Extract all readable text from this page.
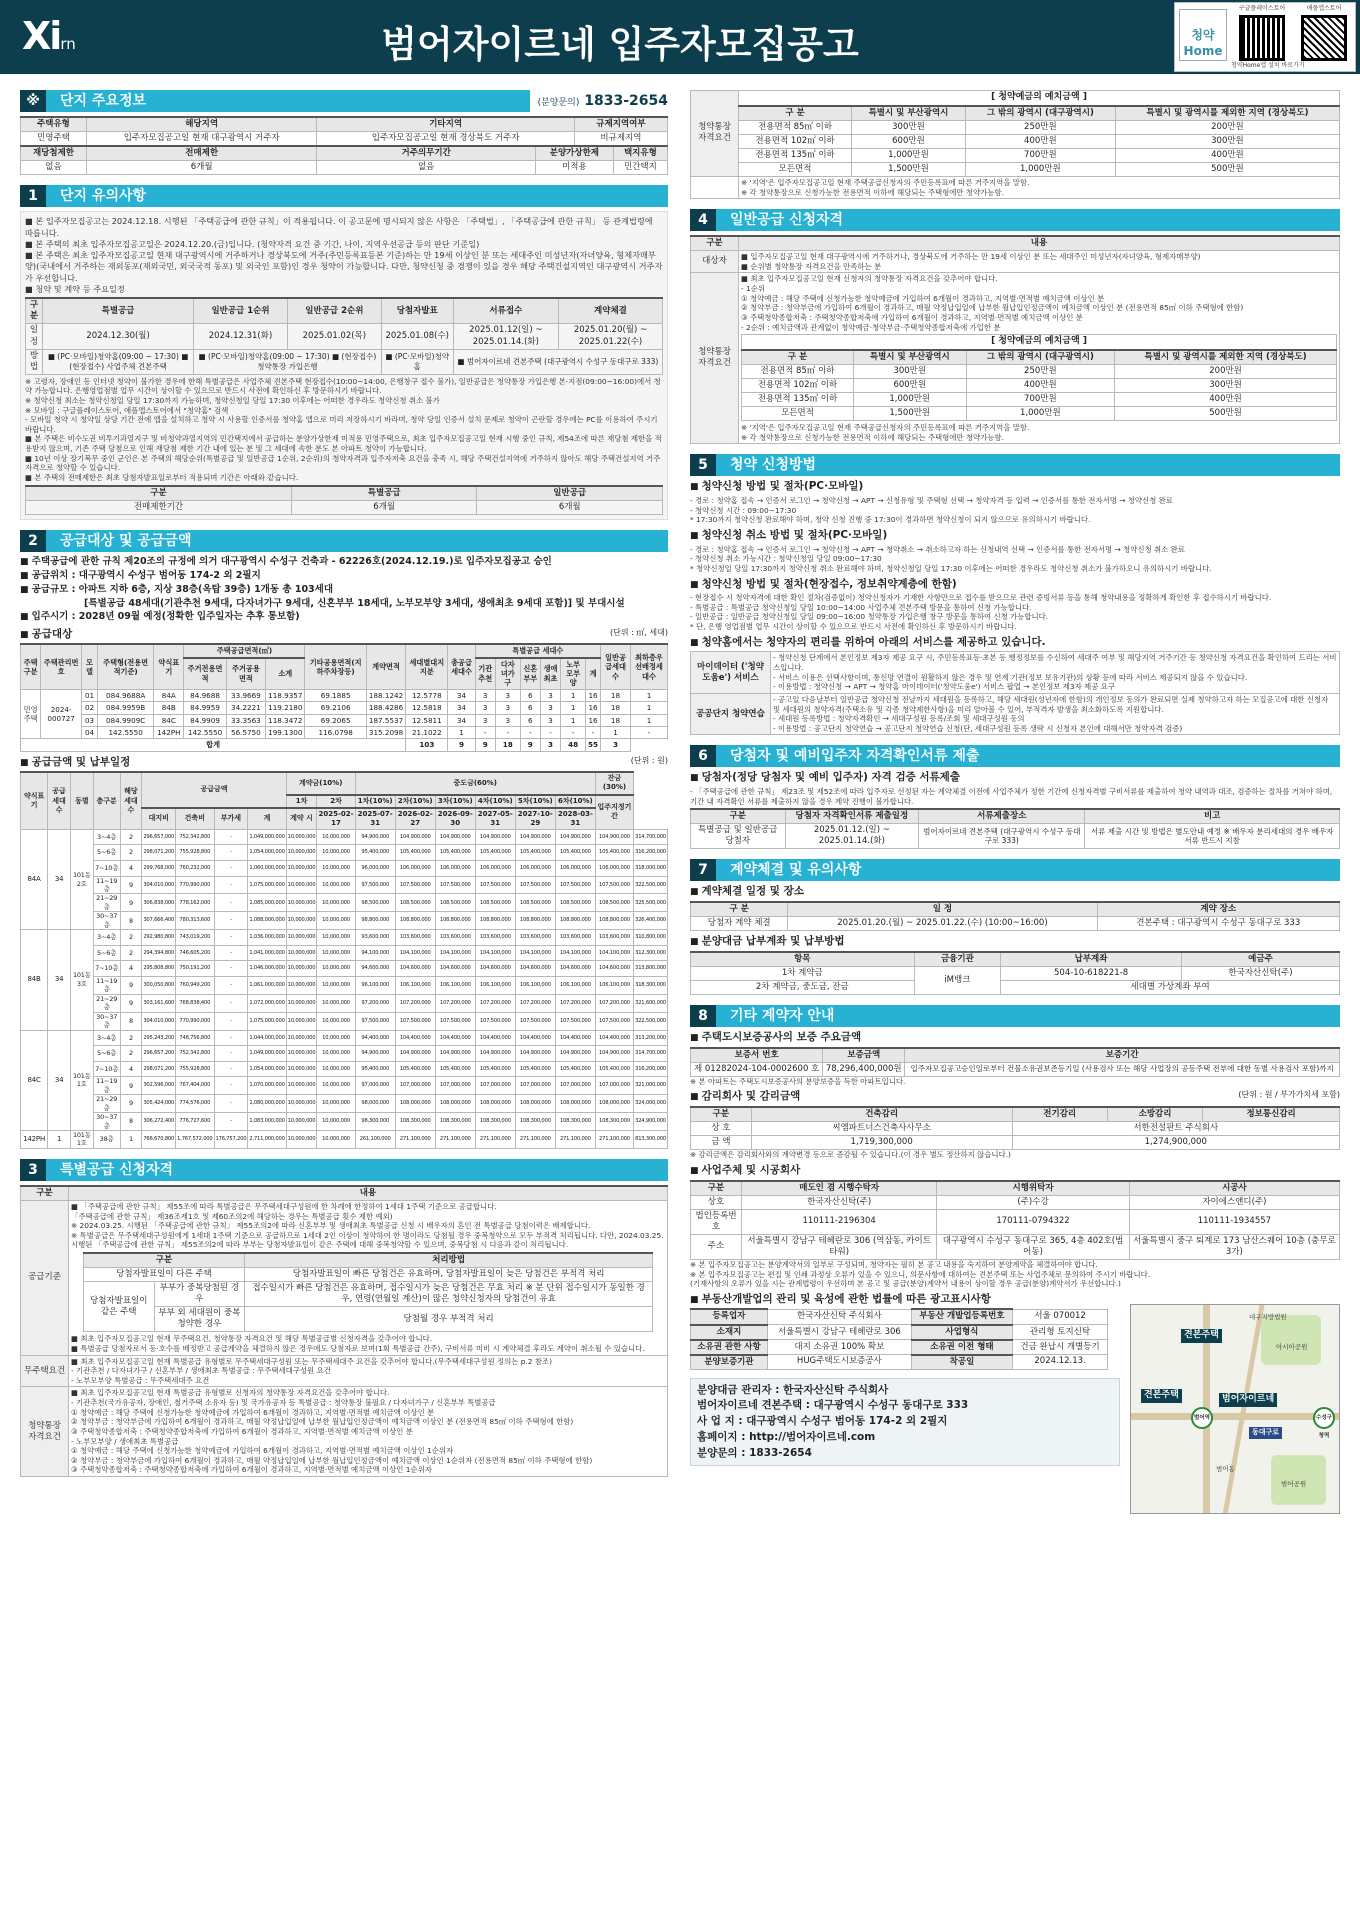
Xirn	범어자이르네 입주자모집공고	청약Home
구글플레이스토어	애플앱스토어
청약Home앱 설치 바로가기
※	단지 주요정보	(분양문의) 1833-2654
주택유형	해당지역	기타지역		규제지역여부	
민영주택	입주자모집공고일 현재 대구광역시 거주자	입주자모집공고일 현재 경상북도 거주자		비규제지역	
재당첨제한	전매제한	거주의무기간	분양가상한제		택지유형
없음	6개월	없음	미적용		민간택지
1	단지 유의사항
■ 본 입주자모집공고는 2024.12.18. 시행된 「주택공급에 관한 규칙」이 적용됩니다. 이 공고문에 명시되지 않은 사항은 「주택법」, 「주택공급에 관한 규칙」 등 관계법령에 따릅니다.
■ 본 주택의 최초 입주자모집공고일은 2024.12.20.(금)입니다. (청약자격 요건 중 기간, 나이, 지역우선공급 등의 판단 기준일)
■ 본 주택은 최초 입주자모집공고일 현재 대구광역시에 거주하거나 경상북도에 거주(주민등록표등본 기준)하는 만 19세 이상인 분 또는 세대주인 미성년자(자녀양육, 형제자매부양)(국내에서 거주하는 재외동포(재외국민, 외국국적 동포) 및 외국인 포함)인 경우 청약이 가능합니다. 다만, 청약신청 중 경쟁이 있을 경우 해당 주택건설지역인 대구광역시 거주자가 우선합니다.
■ 청약 및 계약 등 주요일정
구분	특별공급	일반공급 1순위	일반공급 2순위	당첨자발표	서류접수	계약체결
일정	2024.12.30(월)	2024.12.31(화)	2025.01.02(목)	2025.01.08(수)	2025.01.12(일) ~ 2025.01.14.(화)	2025.01.20(월) ~ 2025.01.22(수)
방법	■ (PC·모바일)청약홈(09:00 ~ 17:30) ■ (현장접수) 사업주체 견본주택	■ (PC·모바일)청약홈(09:00 ~ 17:30) ■ (현장접수) 청약통장 가입은행		■ (PC·모바일)청약홈	■ 범어자이르네 견본주택 (대구광역시 수성구 동대구로 333)	
※ 고령자, 장애인 등 인터넷 청약이 불가한 경우에 한해 특별공급은 사업주체 견본주택 현장접수(10:00~14:00, 은행창구 접수 불가), 일반공급은 청약통장 가입은행 본·지점(09:00~16:00)에서 청약 가능합니다. 은행영업점별 업무 시간이 상이할 수 있으므로 반드시 사전에 확인하신 후 방문하시기 바랍니다.
※ 청약신청 최소는 청약신청일 당일 17:30까지 가능하며, 청약신청일 당일 17:30 이후에는 어떠한 경우라도 청약신청 취소 불가
※ 모바일 : 구글플레이스토어, 애플앱스토어에서 "청약홈" 검색
- 모바일 청약 시 청약일 상당 기간 전에 앱을 설치하고 청약 시 사용할 인증서를 청약홈 앱으로 미리 저장하시기 바라며, 청약 당일 인증서 설치 문제로 청약이 곤란할 경우에는 PC를 이용하여 주시기 바랍니다.
■ 본 주택은 비수도권 비투기과열지구 및 비청약과열지역의 민간택지에서 공급하는 분양가상한제 미적용 민영주택으로, 최초 입주자모집공고일 현재 시행 중인 규칙, 제54조에 따른 재당첨 제한을 적용받지 않으며, 기존 주택 당첨으로 인해 재당첨 제한 기간 내에 있는 분 및 그 세대에 속한 분도 본 아파트 청약이 가능합니다.
■ 10년 이상 장기복무 중인 군인은 본 주택의 해당순위(특별공급 및 일반공급 1순위, 2순위)의 청약자격과 입주자저축 요건을 충족 시, 해당 주택건설지역에 거주하지 않아도 해당 주택건설지역 거주자격으로 청약할 수 있습니다.
■ 본 주택의 전매제한은 최초 당첨자발표일로부터 적용되며 기간은 아래와 같습니다.
구분	특별공급	일반공급
전매제한기간	6개월	6개월
2	공급대상 및 공급금액
■ 주택공급에 관한 규칙 제20조의 규정에 의거 대구광역시 수성구 건축과 - 62226호(2024.12.19.)로 입주자모집공고 승인
■ 공급위치 : 대구광역시 수성구 범어동 174-2 외 2필지
■ 공급규모 : 아파트 지하 6층, 지상 38층(옥탑 39층) 1개동 총 103세대
[특별공급 48세대(기관추천 9세대, 다자녀가구 9세대, 신혼부부 18세대, 노부모부양 3세대, 생애최초 9세대 포함)] 및 부대시설
■ 입주시기 : 2028년 09월 예정(정확한 입주일자는 추후 통보함)
■ 공급대상	(단위 : ㎡, 세대)
주택구분	주택관리번호	모델	주택형(전용면적기준)	약식표기	주택공급면적(㎡)			기타공용면적(지하주차장등)	계약면적	세대별대지지분	총공급세대수	특별공급 세대수						일반공급세대수	최하층우선배정세대수
					주거전용면적	주거공용면적	소계					기관추천	다자녀가구	신혼부부	생애최초	노부모부양	계		
민영주택	2024-000727	01	084.9688A	84A	84.9688	33.9669	118.9357	69.1885	188.1242	12.5778	34	3	3	6	3	1	16	18	1
		02	084.9959B	84B	84.9959	34.2221	119.2180	69.2106	188.4286	12.5818	34	3	3	6	3	1	16	18	1
		03	084.9909C	84C	84.9909	33.3563	118.3472	69.2065	187.5537	12.5811	34	3	3	6	3	1	16	18	1
		04	142.5550	142PH	142.5550	56.5750	199.1300	116.0798	315.2098	21.1022	1	-	-	-	-	-	-	1	-
합계										103	9	9	18	9	3	48	55	3	
■ 공급금액 및 납부일정	(단위 : 원)
약식표기	공급세대수	동별	층구분	해당세대수	공급금액				계약금(10%)		중도금(60%)						잔금(30%)	
									1차	2차	1차(10%)	2차(10%)	3차(10%)	4차(10%)	5차(10%)	6차(10%)	입주지정기간	
					대지비	건축비	부가세	계	계약 시	2025-02-17	2025-07-31	2026-02-27	2026-09-30	2027-05-31	2027-10-29	2028-03-31		
84A	34	101동 2호	3~4층	2	296,657,000	752,342,800	-	1,049,000,000	10,000,000	10,000,000	94,900,000	104,900,000	104,900,000	104,900,000	104,900,000	104,900,000	104,900,000	314,700,000
			5~6층	2	298,071,200	755,928,800	-	1,054,000,000	10,000,000	10,000,000	95,400,000	105,400,000	105,400,000	105,400,000	105,400,000	105,400,000	105,400,000	316,200,000
			7~10층	4	299,768,000	760,232,000	-	1,060,000,000	10,000,000	10,000,000	96,000,000	106,000,000	106,000,000	106,000,000	106,000,000	106,000,000	106,000,000	318,000,000
			11~19층	9	304,010,000	770,990,000	-	1,075,000,000	10,000,000	10,000,000	97,500,000	107,500,000	107,500,000	107,500,000	107,500,000	107,500,000	107,500,000	322,500,000
			21~29층	9	306,838,000	778,162,000	-	1,085,000,000	10,000,000	10,000,000	98,500,000	108,500,000	108,500,000	108,500,000	108,500,000	108,500,000	108,500,000	325,500,000
			30~37층	8	307,666,400	780,313,600	-	1,088,000,000	10,000,000	10,000,000	98,800,000	108,800,000	108,800,000	108,800,000	108,800,000	108,800,000	108,800,000	326,400,000
84B	34	101동 3호	3~4층	2	292,980,800	743,019,200	-	1,036,000,000	10,000,000	10,000,000	93,600,000	103,600,000	103,600,000	103,600,000	103,600,000	103,600,000	103,600,000	310,800,000
			5~6층	2	294,394,800	746,605,200	-	1,041,000,000	10,000,000	10,000,000	94,100,000	104,100,000	104,100,000	104,100,000	104,100,000	104,100,000	104,100,000	312,300,000
			7~10층	4	295,808,800	750,191,200	-	1,046,000,000	10,000,000	10,000,000	94,600,000	104,600,000	104,600,000	104,600,000	104,600,000	104,600,000	104,600,000	313,800,000
			11~19층	9	300,050,800	760,949,200	-	1,061,000,000	10,000,000	10,000,000	96,100,000	106,100,000	106,100,000	106,100,000	106,100,000	106,100,000	106,100,000	318,300,000
			21~29층	9	303,161,600	768,838,400	-	1,072,000,000	10,000,000	10,000,000	97,200,000	107,200,000	107,200,000	107,200,000	107,200,000	107,200,000	107,200,000	321,600,000
			30~37층	8	304,010,000	770,990,000	-	1,075,000,000	10,000,000	10,000,000	97,500,000	107,500,000	107,500,000	107,500,000	107,500,000	107,500,000	107,500,000	322,500,000
84C	34	101동 1호	3~4층	2	295,243,200	748,756,800	-	1,044,000,000	10,000,000	10,000,000	94,400,000	104,400,000	104,400,000	104,400,000	104,400,000	104,400,000	104,400,000	313,200,000
			5~6층	2	296,657,200	752,342,800	-	1,049,000,000	10,000,000	10,000,000	94,900,000	104,900,000	104,900,000	104,900,000	104,900,000	104,900,000	104,900,000	314,700,000
			7~10층	4	298,071,200	755,928,800	-	1,054,000,000	10,000,000	10,000,000	95,400,000	105,400,000	105,400,000	105,400,000	105,400,000	105,400,000	105,400,000	316,200,000
			11~19층	9	302,596,000	767,404,000	-	1,070,000,000	10,000,000	10,000,000	97,000,000	107,000,000	107,000,000	107,000,000	107,000,000	107,000,000	107,000,000	321,000,000
			21~29층	9	305,424,000	774,576,000	-	1,080,000,000	10,000,000	10,000,000	98,000,000	108,000,000	108,000,000	108,000,000	108,000,000	108,000,000	108,000,000	324,000,000
			30~37층	8	306,272,400	776,727,600	-	1,083,000,000	10,000,000	10,000,000	98,300,000	108,300,000	108,300,000	108,300,000	108,300,000	108,300,000	108,300,000	324,900,000
142PH	1	101동 1호	38층	1	766,670,800	1,767,572,000	176,757,200	2,711,000,000	10,000,000	10,000,000	261,100,000	271,100,000	271,100,000	271,100,000	271,100,000	271,100,000	271,100,000	813,300,000
3	특별공급 신청자격
구분	내용
공급기준	
■ 「주택공급에 관한 규칙」 제55조에 따라 특별공급은 무주택세대구성원에 한 차례에 한정하여 1세대 1주택 기준으로 공급합니다.
「주택공급에 관한 규칙」 제36조제1호 및 제60조의2에 해당하는 경우는 특별공급 횟수 제한 예외)
※ 2024.03.25. 시행된 「주택공급에 관한 규칙」 제55조의2에 따라 신혼부부 및 생애최초 특별공급 신청 시 배우자의 혼인 전 특별공급 당첨이력은 배제합니다.
※ 특별공급은 무주택세대구성원에게 1세대 1주택 기준으로 공급하므로 1세대 2인 이상이 청약하여 한 명이라도 당첨될 경우 중복청약으로 모두 부적격 처리됩니다. 다만, 2024.03.25. 시행된 「주택공급에 관한 규칙」 제55조의2에 따라 부부는 당첨자발표일이 같은 주택에 대해 중복청약할 수 있으며, 중복당첨 시 다음과 같이 처리됩니다.
구분	처리방법
당첨자발표일이 다른 주택	당첨자발표일이 빠른 당첨건은 유효하며, 당첨자발표일이 늦은 당첨건은 부적격 처리
당첨자발표일이 같은 주택	부부가 중복당첨된 경우	접수일시가 빠른 당첨건은 유효하며, 접수일시가 늦은 당첨건은 무효 처리 ※ 분 단위 접수일시가 동일한 경우, 연령(연월일 계산)이 많은 청약신청자의 당첨건이 유효
부부 외 세대원이 중복청약한 경우	당첨월 경우 부적격 처리
■ 최초 입주자모집공고일 현재 무주택요건, 청약통장 자격요건 및 해당 특별공급별 신청자격을 갖추어야 합니다.
■ 특별공급 당첨자로서 동·호수를 배정받고 공급계약을 체결하지 않은 경우에도 당첨자로 보며(1회 특별공급 간주), 구비서류 미비 시 계약체결 후라도 계약이 취소될 수 있습니다.

무주택요건	
■ 최초 입주자모집공고일 현재 특별공급 유형별로 무주택세대구성원 또는 무주택세대주 요건을 갖추어야 합니다.(무주택세대구성원 정의는 p.2 참조)
- 기관추천 / 다자녀가구 / 신혼부부 / 생애최초 특별공급 : 무주택세대구성원 요건
- 노부모부양 특별공급 : 무주택세대주 요건

청약통장 자격요건	
■ 최초 입주자모집공고일 현재 특별공급 유형별로 신청자의 청약통장 자격요건을 갖추어야 합니다.
- 기관추천(국가유공자, 장애인, 철거주택 소유자 등) 및 국가유공자 등 특별공급 : 청약통장 불필요 / 다자녀가구 / 신혼부부 특별공급
① 청약예금 : 해당 주택에 신청가능한 청약예금에 가입하여 6개월이 경과하고, 지역별·면적별 예치금액 이상인 분
② 청약부금 : 청약부금에 가입하여 6개월이 경과하고, 매월 약정납입일에 납부한 월납입인정금액이 예치금액 이상인 분 (전용면적 85㎡ 이하 주택형에 한함)
③ 주택청약종합저축 : 주택청약종합저축에 가입하여 6개월이 경과하고, 지역별·면적별 예치금액 이상인 분
- 노부모부양 / 생애최초 특별공급
① 청약예금 : 해당 주택에 신청가능한 청약예금에 가입하여 6개월이 경과하고, 지역별·면적별 예치금액 이상인 1순위자
② 청약부금 : 청약부금에 가입하여 6개월이 경과하고, 매월 약정납입일에 납부한 월납입인정금액이 예치금액 이상인 1순위자 (전용면적 85㎡ 이하 주택형에 한함)
③ 주택청약종합저축 : 주택청약종합저축에 가입하여 6개월이 경과하고, 지역별·면적별 예치금액 이상인 1순위자
청약통장 자격요건	[ 청약예금의 예치금액 ]			
	구 분	특별시 및 부산광역시	그 밖의 광역시 (대구광역시)	특별시 및 광역시를 제외한 지역 (경상북도)
	전용면적 85㎡ 이하	300만원	250만원	200만원
	전용면적 102㎡ 이하	600만원	400만원	300만원
	전용면적 135㎡ 이하	1,000만원	700만원	400만원
	모든면적	1,500만원	1,000만원	500만원

	※ '지역'은 입주자모집공고일 현재 주택공급신청자의 주민등록표에 따른 거주지역을 말함.
※ 각 청약통장으로 신청가능한 전용면적 이하에 해당되는 주택형에만 청약가능함.			
4	일반공급 신청자격
구분	내용
대상자	■ 입주자모집공고일 현재 대구광역시에 거주하거나, 경상북도에 거주하는 만 19세 이상인 분 또는 세대주인 미성년자(자녀양육, 형제자매부양)
■ 순위별 청약통장 자격요건을 만족하는 분

청약통장 자격요건	
■ 최초 입주자모집공고일 현재 신청자의 청약통장 자격요건을 갖추어야 합니다.
- 1순위
① 청약예금 : 해당 주택에 신청가능한 청약예금에 가입하여 6개월이 경과하고, 지역별·면적별 예치금액 이상인 분
② 청약부금 : 청약부금에 가입하여 6개월이 경과하고, 매월 약정납입일에 납부한 월납입인정금액이 예치금액 이상인 분 (전용면적 85㎡ 이하 주택형에 한함)
③ 주택청약종합저축 : 주택청약종합저축에 가입하여 6개월이 경과하고, 지역별·면적별 예치금액 이상인 분
- 2순위 : 예치금액과 관계없이 청약예금·청약부금·주택청약종합저축에 가입한 분
[ 청약예금의 예치금액 ]
구 분	특별시 및 부산광역시	그 밖의 광역시 (대구광역시)	특별시 및 광역시를 제외한 지역 (경상북도)
전용면적 85㎡ 이하	300만원	250만원	200만원
전용면적 102㎡ 이하	600만원	400만원	300만원
전용면적 135㎡ 이하	1,000만원	700만원	400만원
모든면적	1,500만원	1,000만원	500만원
※ '지역'은 입주자모집공고일 현재 주택공급신청자의 주민등록표에 따른 거주지역을 말함.
※ 각 청약통장으로 신청가능한 전용면적 이하에 해당되는 주택형에만 청약가능함.
5	청약 신청방법
■ 청약신청 방법 및 절차(PC·모바일)
- 경로 : 청약홈 접속 → 인증서 로그인 → 청약신청 → APT → 신청유형 및 주택형 선택 → 청약자격 등 입력 → 인증서를 통한 전자서명 → 청약신청 완료
- 청약신청 시간 : 09:00~17:30
* 17:30까지 청약신청 완료해야 하며, 청약 신청 진행 중 17:30이 경과하면 청약신청이 되지 않으므로 유의하시기 바랍니다.
■ 청약신청 취소 방법 및 절차(PC·모바일)
- 경로 : 청약홈 접속 → 인증서 로그인 → 청약신청 → APT → 청약취소 → 취소하고자 하는 신청내역 선택 → 인증서를 통한 전자서명 → 청약신청 취소 완료
- 청약신청 취소 가능시간 : 청약신청일 당일 09:00~17:30
* 청약신청일 당일 17:30까지 청약신청 취소 완료해야 하며, 청약신청일 당일 17:30 이후에는 어떠한 경우라도 청약신청 취소가 불가하오니 유의하시기 바랍니다.
■ 청약신청 방법 및 절차(현장접수, 정보취약계층에 한함)
- 현장접수 시 청약자격에 대한 확인 절차(검증없이) 청약신청자가 기재한 사항만으로 접수를 받으므로 관련 증빙서류 등을 통해 청약내용을 정확하게 확인한 후 접수하시기 바랍니다.
- 특별공급 : 특별공급 청약신청일 당일 10:00~14:00 사업주체 견본주택 방문을 통하여 신청 가능합니다.
- 일반공급 : 일반공급 청약신청일 당일 09:00~16:00 청약통장 가입은행 창구 방문을 통하여 신청 가능합니다.
* 단, 은행 영업점별 업무 시간이 상이할 수 있으므로 반드시 사전에 확인하신 후 방문하시기 바랍니다.
■ 청약홈에서는 청약자의 편리를 위하여 아래의 서비스를 제공하고 있습니다.
마이데이터 ('청약도움e') 서비스	- 청약신청 단계에서 본인정보 제3자 제공 요구 시, 주민등록표등·초본 등 행정정보를 수신하여 세대주 여부 및 해당지역 거주기간 등 청약신청 자격요건을 확인하여 드리는 서비스입니다.
- 서비스 이용은 선택사항이며, 통신망 연결이 원활하지 않은 경우 및 연계 기관(정보 보유기관)의 상황 등에 따라 서비스 제공되지 않을 수 있습니다.
- 이용방법 : 청약신청 → APT → 청약홈 마이데이터('청약도움e') 서비스 팝업 → 본인정보 제3자 제공 요구

공공단지 청약연습	- 공고일 다음날부터 일반공급 청약신청 전날까지 세대원을 등록하고, 해당 세대원(성년자에 한함)의 개인정보 동의가 완료되면 실제 청약하고자 하는 모집공고에 대한 신청자 및 세대원의 청약자격(주택소유 및 각종 청약제한사항)을 미리 알아볼 수 있어, 부적격자 발생을 최소화하도록 지원합니다.
- 세대원 등록방법 : 청약자격확인 → 세대구성원 등록/조회 및 세대구성원 동의
- 이용방법 : 공고단지 청약연습 → 공고단지 청약연습 신청(단, 세대구성원 등록 생략 시 신청자 본인에 대해서만 청약자격 검증)
6	당첨자 및 예비입주자 자격확인서류 제출
■ 당첨자(정당 당첨자 및 예비 입주자) 자격 검증 서류제출
- 「주택공급에 관한 규칙」 제23조 및 제52조에 따라 입주자로 선정된 자는 계약체결 이전에 사업주체가 정한 기간에 신청자격별 구비서류를 제출하여 청약 내역과 대조, 검증하는 절차를 거쳐야 하며, 기간 내 자격확인 서류를 제출하지 않을 경우 계약 진행이 불가합니다.
구분	당첨자 자격확인서류 제출일정	서류제출장소	비고
특별공급 및 일반공급 당첨자	2025.01.12.(일) ~ 2025.01.14.(화)	범어자이르네 견본주택 (대구광역시 수성구 동대구로 333)	서류 제출 시간 및 방법은 별도안내 예정 ※ 배우자 분리세대의 경우 배우자 서류 반드시 지참
7	계약체결 및 유의사항
■ 계약체결 일정 및 장소
구 분	일 정	계약 장소
당첨자 계약 체결	2025.01.20.(월) ~ 2025.01.22.(수) (10:00~16:00)	견본주택 : 대구광역시 수성구 동대구로 333
■ 분양대금 납부계좌 및 납부방법
항목	금융기관	납부계좌	예금주
1차 계약금	iM뱅크	504-10-618221-8	한국자산신탁(주)
2차 계약금, 중도금, 잔금		세대별 가상계좌 부여	
8	기타 계약자 안내
■ 주택도시보증공사의 보증 주요금액
보증서 번호	보증금액	보증기간
제 01282024-104-0002600 호	78,296,400,000원	입주자모집공고승인일로부터 건물소유권보존등기일 (사용검사 또는 해당 사업장의 공동주택 전부에 대한 동별 사용검사 포함)까지
※ 본 아파트는 주택도시보증공사의 분양보증을 득한 아파트입니다.
■ 감리회사 및 감리금액	(단위 : 원 / 부가가치세 포함)
구분	건축감리	전기감리	소방감리	정보통신감리
상 호	씨엠파트너스건축사사무소	서한전설판트 주식회사		
금 액	1,719,300,000	1,274,900,000		
※ 감리금액은 감리회사와의 계약변경 등으로 증감될 수 있습니다.(이 경우 별도 정산하지 않습니다.)
■ 사업주체 및 시공회사
구분	매도인 겸 시행수탁자	시행위탁자	시공사
상호	한국자산신탁(주)	(주)수강	자이에스앤디(주)
법인등록번호	110111-2196304	170111-0794322	110111-1934557
주소	서울특별시 강남구 테헤란로 306 (역삼동, 카이트타워)	대구광역시 수성구 동대구로 365, 4층 402호(범어동)	서울특별시 중구 퇴계로 173 남산스퀘어 10층 (충무로3가)
※ 본 입주자모집공고는 분양계약서의 일부로 구성되며, 청약자는 필히 본 공고 내용을 숙지하여 분양계약을 체결하여야 합니다.
※ 본 입주자모집공고는 편집 및 인쇄 과정상 오류가 있을 수 있으니, 의문사항에 대하여는 견본주택 또는 사업주체로 문의하여 주시기 바랍니다.
(기재사항의 오류가 있을 시는 관계법령이 우선하며 본 공고 및 공급(분양)계약서 내용이 상이할 경우 공급(분양)계약서가 우선합니다.)
■ 부동산개발업의 관리 및 육성에 관한 법률에 따른 광고표시사항
등록업자	한국자산신탁 주식회사	부동산 개발업등록번호	서울 070012
소재지	서울특별시 강남구 테헤란로 306	사업형식	관리형 토지신탁
소유권 관한 사항	대지 소유권 100% 확보	소유권 이전 형태	건금 완납시 개별등기
분양보증기관	HUG주택도시보증공사	착공일	2024.12.13.
분양대금 관리자 : 한국자산신탁 주식회사
범어자이르네 견본주택 : 대구광역시 수성구 동대구로 333
사 업 지 : 대구광역시 수성구 범어동 174-2 외 2필지
홈페이지 : http://범어자이르네.com
분양문의 : 1833-2654
견본주택
견본주택	범어자이르네
범어역	수성구청역
동대구로
대구지방법원
아시아공원
범어공원
범어동
